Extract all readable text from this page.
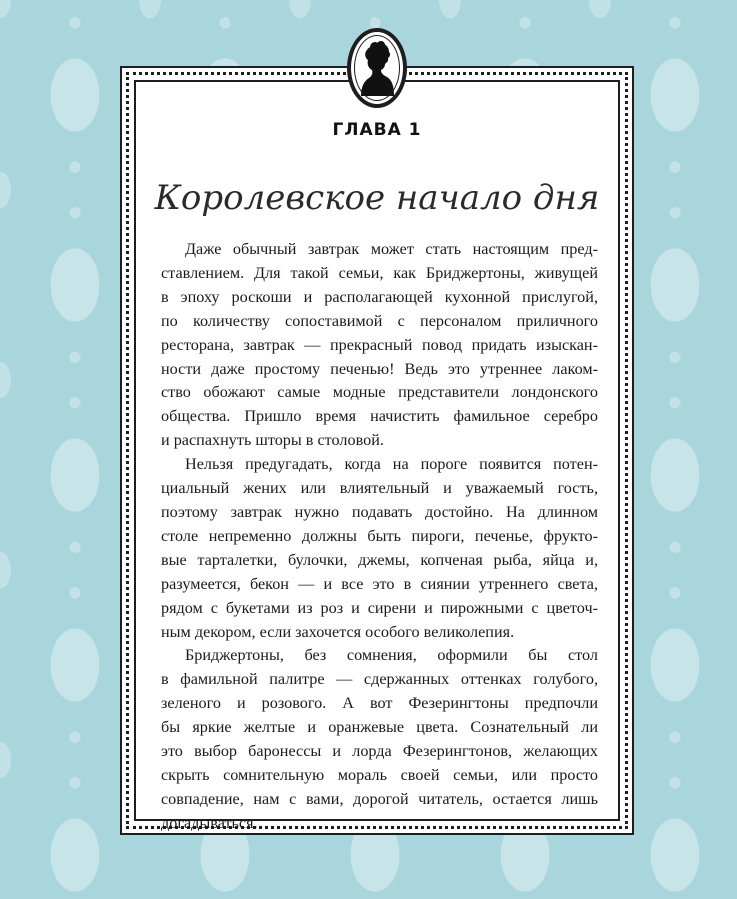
ГЛАВА 1
Королевское начало дня

Даже обычный завтрак может стать настоящим пред-
ставлением. Для такой семьи, как Бриджертоны, живущей
в эпоху роскоши и располагающей кухонной прислугой,
по количеству сопоставимой с персоналом приличного
ресторана, завтрак — прекрасный повод придать изыскан-
ности даже простому печенью! Ведь это утреннее лаком-
ство обожают самые модные представители лондонского
общества. Пришло время начистить фамильное серебро
и распахнуть шторы в столовой.

Нельзя предугадать, когда на пороге появится потен-
циальный жених или влиятельный и уважаемый гость,
поэтому завтрак нужно подавать достойно. На длинном
столе непременно должны быть пироги, печенье, фрукто-
вые тарталетки, булочки, джемы, копченая рыба, яйца и,
разумеется, бекон — и все это в сиянии утреннего света,
рядом с букетами из роз и сирени и пирожными с цветоч-
ным декором, если захочется особого великолепия.

Бриджертоны, без сомнения, оформили бы стол
в фамильной палитре — сдержанных оттенках голубого,
зеленого и розового. А вот Фезерингтоны предпочли
бы яркие желтые и оранжевые цвета. Сознательный ли
это выбор баронессы и лорда Фезерингтонов, желающих
скрыть сомнительную мораль своей семьи, или просто
совпадение, нам с вами, дорогой читатель, остается лишь
догадываться.
